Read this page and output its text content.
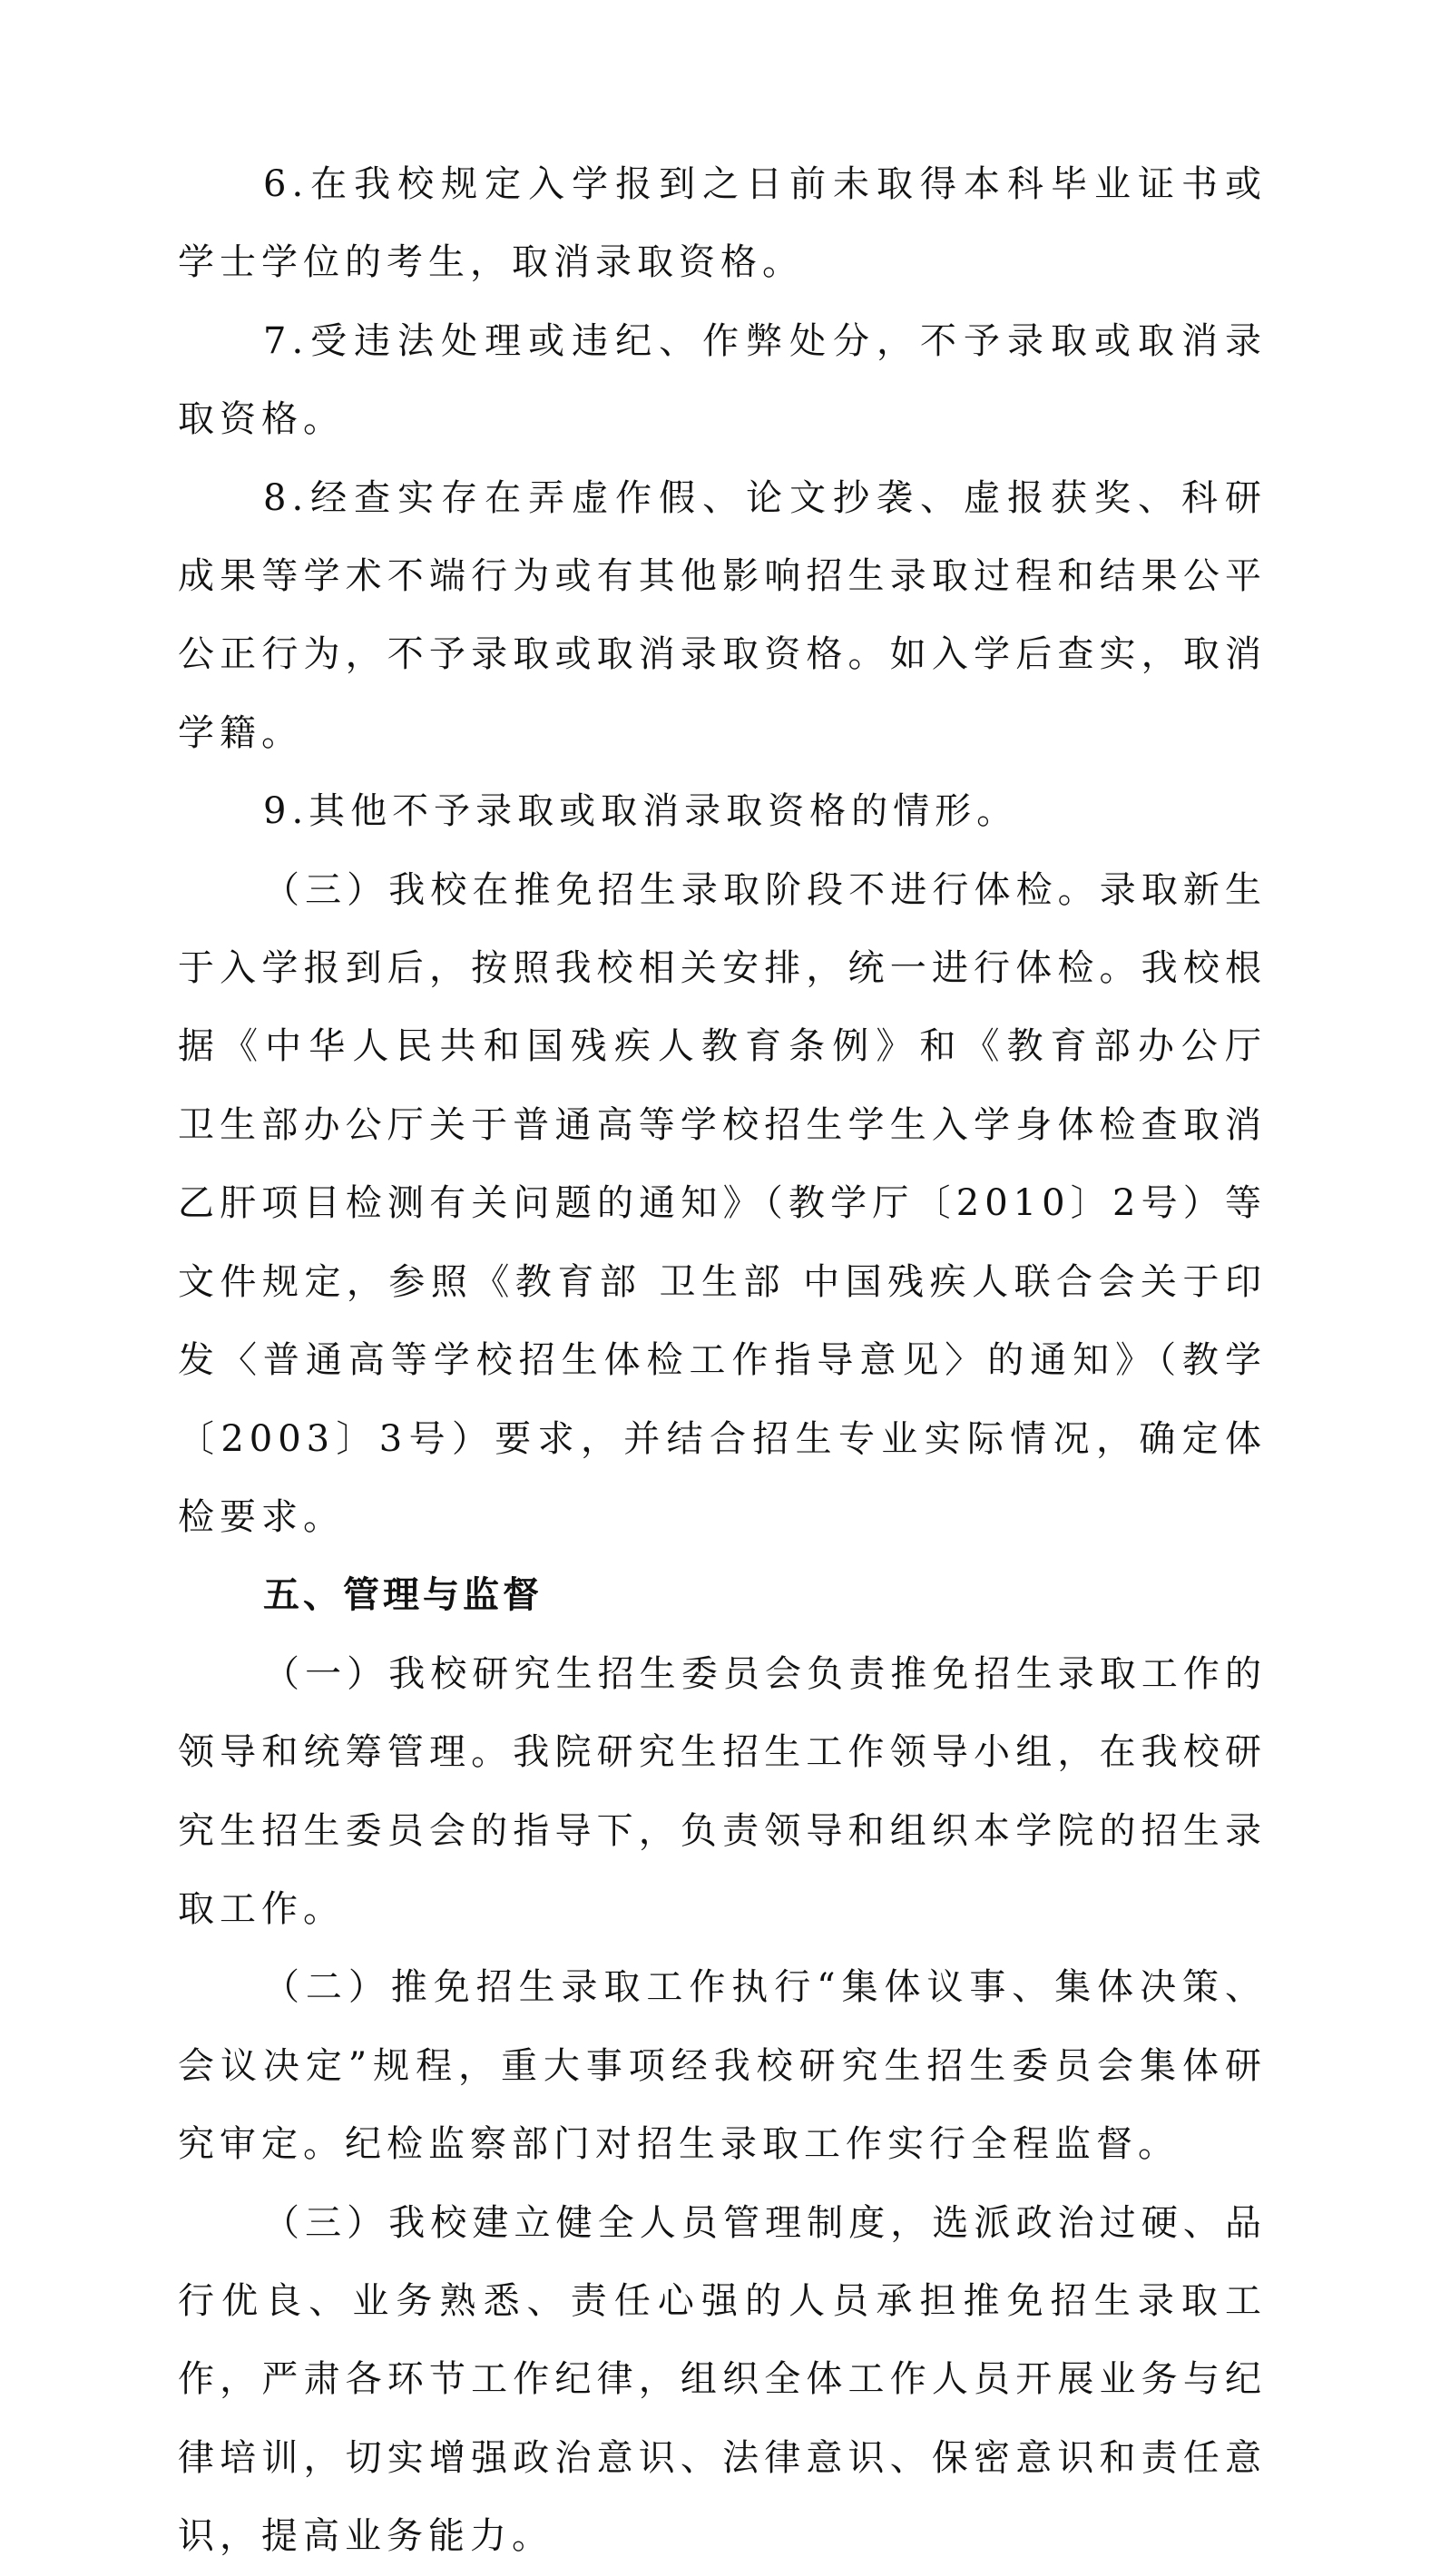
6.在我校规定入学报到之日前未取得本科毕业证书或学士学位的考生，取消录取资格。

7.受违法处理或违纪、作弊处分，不予录取或取消录取资格。

8.经查实存在弄虚作假、论文抄袭、虚报获奖、科研成果等学术不端行为或有其他影响招生录取过程和结果公平公正行为，不予录取或取消录取资格。如入学后查实，取消学籍。

9.其他不予录取或取消录取资格的情形。

（三）我校在推免招生录取阶段不进行体检。录取新生于入学报到后，按照我校相关安排，统一进行体检。我校根据《中华人民共和国残疾人教育条例》和《教育部办公厅 卫生部办公厅关于普通高等学校招生学生入学身体检查取消乙肝项目检测有关问题的通知》（教学厅〔2010〕2号）等文件规定，参照《教育部 卫生部 中国残疾人联合会关于印发〈普通高等学校招生体检工作指导意见〉的通知》（教学〔2003〕3号）要求，并结合招生专业实际情况，确定体检要求。

五、管理与监督

（一）我校研究生招生委员会负责推免招生录取工作的领导和统筹管理。我院研究生招生工作领导小组，在我校研究生招生委员会的指导下，负责领导和组织本学院的招生录取工作。

（二）推免招生录取工作执行“集体议事、集体决策、会议决定”规程，重大事项经我校研究生招生委员会集体研究审定。纪检监察部门对招生录取工作实行全程监督。

（三）我校建立健全人员管理制度，选派政治过硬、品行优良、业务熟悉、责任心强的人员承担推免招生录取工作，严肃各环节工作纪律，组织全体工作人员开展业务与纪律培训，切实增强政治意识、法律意识、保密意识和责任意识，提高业务能力。
